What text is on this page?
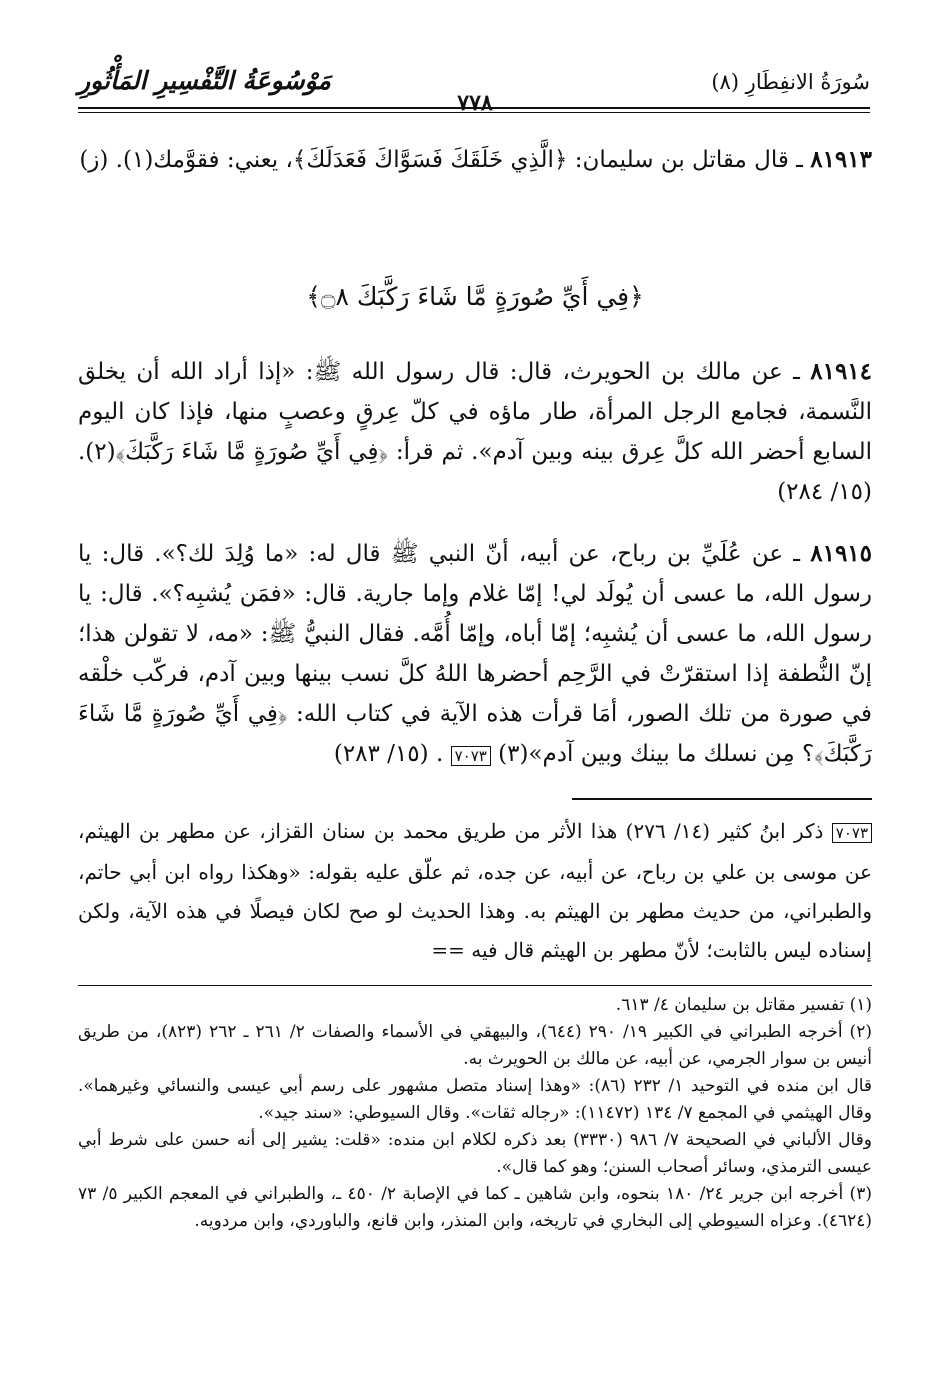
سُورَةُ الانفِطَارِ (٨)
مَوْسُوعَةُ التَّفْسِيرِ المَأْثُورِ
٧٧٨
٨١٩١٣ ـ قال مقاتل بن سليمان: ﴿الَّذِي خَلَقَكَ فَسَوَّاكَ فَعَدَلَكَ﴾، يعني: فقوَّمك(١). (ز)
﴿فِي أَيِّ صُورَةٍ مَّا شَاءَ رَكَّبَكَ ۝٨﴾
٨١٩١٤ ـ عن مالك بن الحويرث، قال: قال رسول الله ﷺ: «إذا أراد الله أن يخلق النَّسمة، فجامع الرجل المرأة، طار ماؤه في كلّ عِرقٍ وعصبٍ منها، فإذا كان اليوم السابع أحضر الله كلَّ عِرق بينه وبين آدم». ثم قرأ: ﴿فِي أَيِّ صُورَةٍ مَّا شَاءَ رَكَّبَكَ﴾(٢). (١٥/ ٢٨٤)
٨١٩١٥ ـ عن عُلَيِّ بن رباح، عن أبيه، أنّ النبي ﷺ قال له: «ما وُلِدَ لك؟». قال: يا رسول الله، ما عسى أن يُولَد لي! إمّا غلام وإما جارية. قال: «فمَن يُشبِه؟». قال: يا رسول الله، ما عسى أن يُشبِه؛ إمّا أباه، وإمّا أُمَّه. فقال النبيُّ ﷺ: «مه، لا تقولن هذا؛ إنّ النُّطفة إذا استقرّتْ في الرَّحِم أحضرها اللهُ كلَّ نسب بينها وبين آدم، فركّب خلْقه في صورة من تلك الصور، أمَا قرأت هذه الآية في كتاب الله: ﴿فِي أَيِّ صُورَةٍ مَّا شَاءَ رَكَّبَكَ﴾؟ مِن نسلك ما بينك وبين آدم»(٣) ٧٠٧٣ . (١٥/ ٢٨٣)
٧٠٧٣ ذكر ابنُ كثير (١٤/ ٢٧٦) هذا الأثر من طريق محمد بن سنان القزاز، عن مطهر بن الهيثم، عن موسى بن علي بن رباح، عن أبيه، عن جده، ثم علّق عليه بقوله: «وهكذا رواه ابن أبي حاتم، والطبراني، من حديث مطهر بن الهيثم به. وهذا الحديث لو صح لكان فيصلًا في هذه الآية، ولكن إسناده ليس بالثابت؛ لأنّ مطهر بن الهيثم قال فيه ==
(١) تفسير مقاتل بن سليمان ٤/ ٦١٣.
(٢) أخرجه الطبراني في الكبير ١٩/ ٢٩٠ (٦٤٤)، والبيهقي في الأسماء والصفات ٢/ ٢٦١ ـ ٢٦٢ (٨٢٣)، من طريق أنيس بن سوار الجرمي، عن أبيه، عن مالك بن الحويرث به.
قال ابن منده في التوحيد ١/ ٢٣٢ (٨٦): «وهذا إسناد متصل مشهور على رسم أبي عيسى والنسائي وغيرهما». وقال الهيثمي في المجمع ٧/ ١٣٤ (١١٤٧٢): «رجاله ثقات». وقال السيوطي: «سند جيد».
وقال الألباني في الصحيحة ٧/ ٩٨٦ (٣٣٣٠) بعد ذكره لكلام ابن منده: «قلت: يشير إلى أنه حسن على شرط أبي عيسى الترمذي، وسائر أصحاب السنن؛ وهو كما قال».
(٣) أخرجه ابن جرير ٢٤/ ١٨٠ بنحوه، وابن شاهين ـ كما في الإصابة ٢/ ٤٥٠ ـ، والطبراني في المعجم الكبير ٥/ ٧٣ (٤٦٢٤). وعزاه السيوطي إلى البخاري في تاريخه، وابن المنذر، وابن قانع، والباوردي، وابن مردويه.
